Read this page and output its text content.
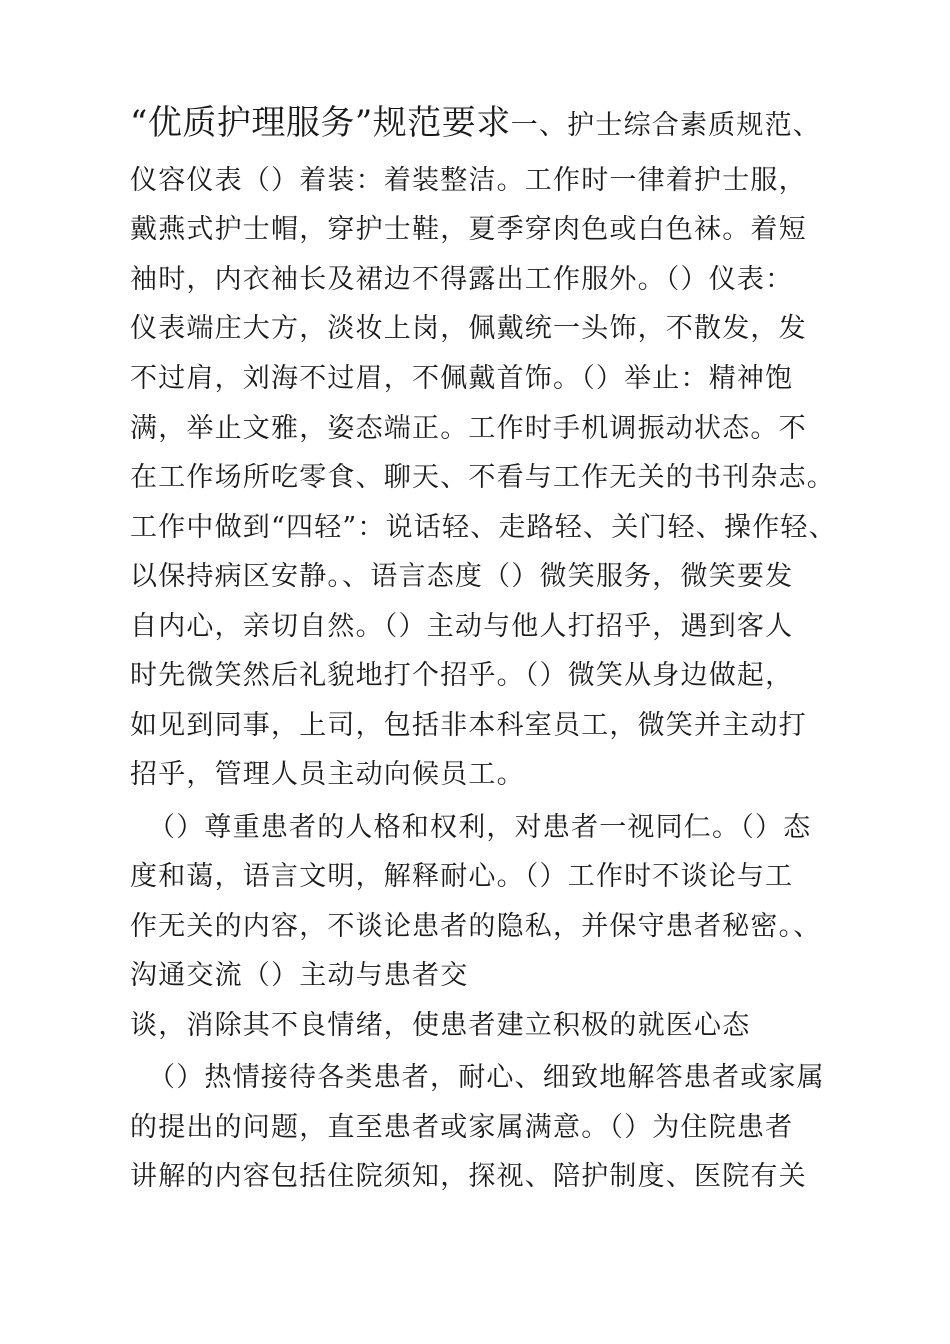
“优质护理服务”规范要求一、护士综合素质规范、
仪容仪表（）着装：着装整洁。工作时一律着护士服，
戴燕式护士帽，穿护士鞋，夏季穿肉色或白色袜。着短
袖时，内衣袖长及裙边不得露出工作服外。（）仪表：
仪表端庄大方，淡妆上岗，佩戴统一头饰，不散发，发
不过肩，刘海不过眉，不佩戴首饰。（）举止：精神饱
满，举止文雅，姿态端正。工作时手机调振动状态。不
在工作场所吃零食、聊天、不看与工作无关的书刊杂志。
工作中做到“四轻”：说话轻、走路轻、关门轻、操作轻、
以保持病区安静。、语言态度（）微笑服务，微笑要发
自内心，亲切自然。（）主动与他人打招乎，遇到客人
时先微笑然后礼貌地打个招乎。（）微笑从身边做起，
如见到同事，上司，包括非本科室员工，微笑并主动打
招乎，管理人员主动向候员工。
（）尊重患者的人格和权利，对患者一视同仁。（）态
度和蔼，语言文明，解释耐心。（）工作时不谈论与工
作无关的内容，不谈论患者的隐私，并保守患者秘密。、
沟通交流（）主动与患者交
谈，消除其不良情绪，使患者建立积极的就医心态
（）热情接待各类患者，耐心、细致地解答患者或家属
的提出的问题，直至患者或家属满意。（）为住院患者
讲解的内容包括住院须知，探视、陪护制度、医院有关
